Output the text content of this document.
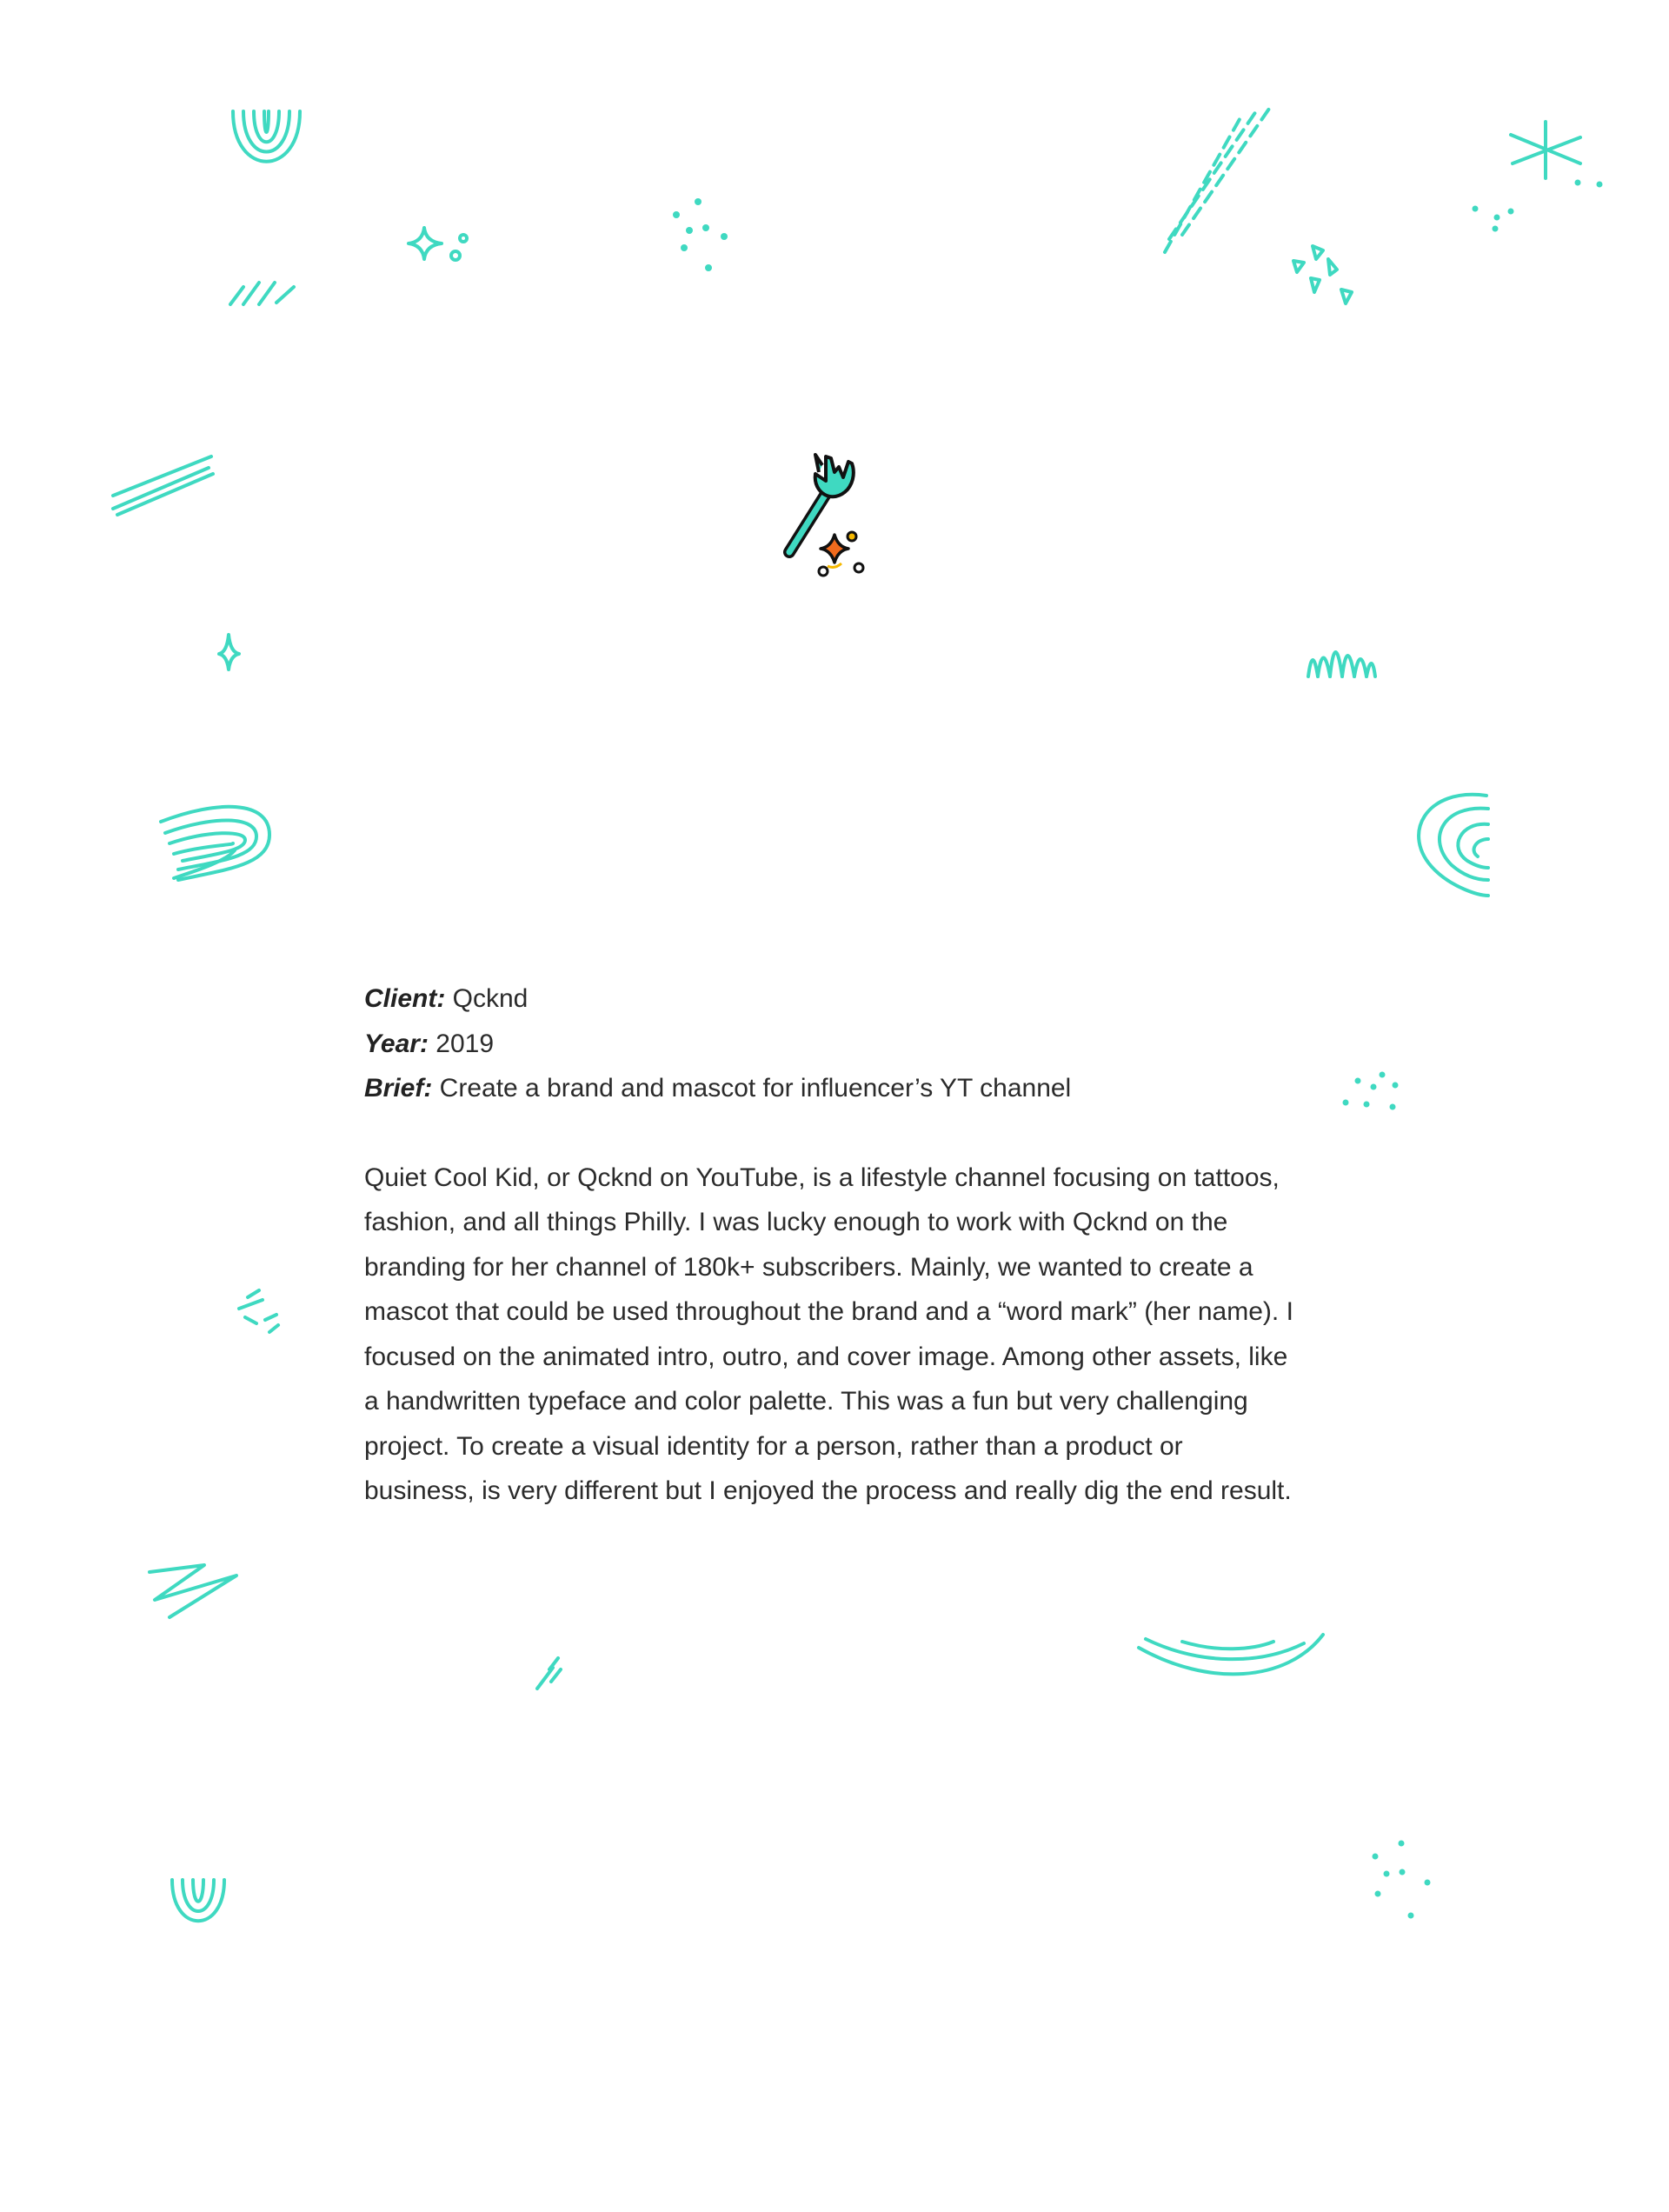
Client: Qcknd

Year: 2019

Brief: Create a brand and mascot for influencer’s YT channel

Quiet Cool Kid, or Qcknd on YouTube, is a lifestyle channel focusing on tattoos, fashion, and all things Philly. I was lucky enough to work with Qcknd on the branding for her channel of 180k+ subscribers. Mainly, we wanted to create a mascot that could be used throughout the brand and a “word mark” (her name). I focused on the animated intro, outro, and cover image. Among other assets, like a handwritten typeface and color palette. This was a fun but very challenging project. To create a visual identity for a person, rather than a product or business, is very different but I enjoyed the process and really dig the end result.
